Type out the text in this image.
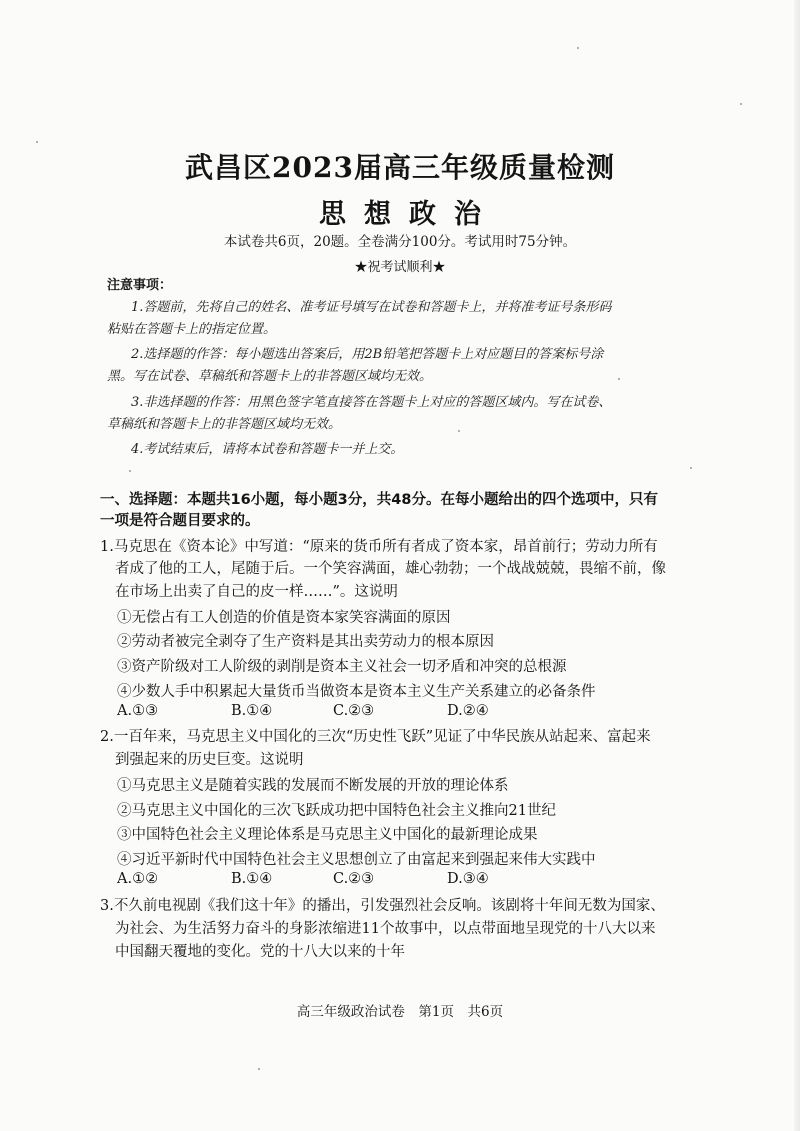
武昌区2023届高三年级质量检测
思想政治
本试卷共6页，20题。全卷满分100分。考试用时75分钟。
★祝考试顺利★
注意事项：
1.答题前，先将自己的姓名、准考证号填写在试卷和答题卡上，并将准考证号条形码
粘贴在答题卡上的指定位置。
2.选择题的作答：每小题选出答案后，用2B铅笔把答题卡上对应题目的答案标号涂
黑。写在试卷、草稿纸和答题卡上的非答题区域均无效。
3.非选择题的作答：用黑色签字笔直接答在答题卡上对应的答题区域内。写在试卷、
草稿纸和答题卡上的非答题区域均无效。
4.考试结束后，请将本试卷和答题卡一并上交。
一、选择题：本题共16小题，每小题3分，共48分。在每小题给出的四个选项中，只有
一项是符合题目要求的。
1.马克思在《资本论》中写道：“原来的货币所有者成了资本家，昂首前行；劳动力所有
者成了他的工人，尾随于后。一个笑容满面，雄心勃勃；一个战战兢兢，畏缩不前，像
在市场上出卖了自己的皮一样……”。这说明
①无偿占有工人创造的价值是资本家笑容满面的原因
②劳动者被完全剥夺了生产资料是其出卖劳动力的根本原因
③资产阶级对工人阶级的剥削是资本主义社会一切矛盾和冲突的总根源
④少数人手中积累起大量货币当做资本是资本主义生产关系建立的必备条件
A.①③	B.①④	C.②③	D.②④
2.一百年来，马克思主义中国化的三次“历史性飞跃”见证了中华民族从站起来、富起来
到强起来的历史巨变。这说明
①马克思主义是随着实践的发展而不断发展的开放的理论体系
②马克思主义中国化的三次飞跃成功把中国特色社会主义推向21世纪
③中国特色社会主义理论体系是马克思主义中国化的最新理论成果
④习近平新时代中国特色社会主义思想创立了由富起来到强起来伟大实践中
A.①②	B.①④	C.②③	D.③④
3.不久前电视剧《我们这十年》的播出，引发强烈社会反响。该剧将十年间无数为国家、
为社会、为生活努力奋斗的身影浓缩进11个故事中，以点带面地呈现党的十八大以来
中国翻天覆地的变化。党的十八大以来的十年
高三年级政治试卷　第1页　共6页
